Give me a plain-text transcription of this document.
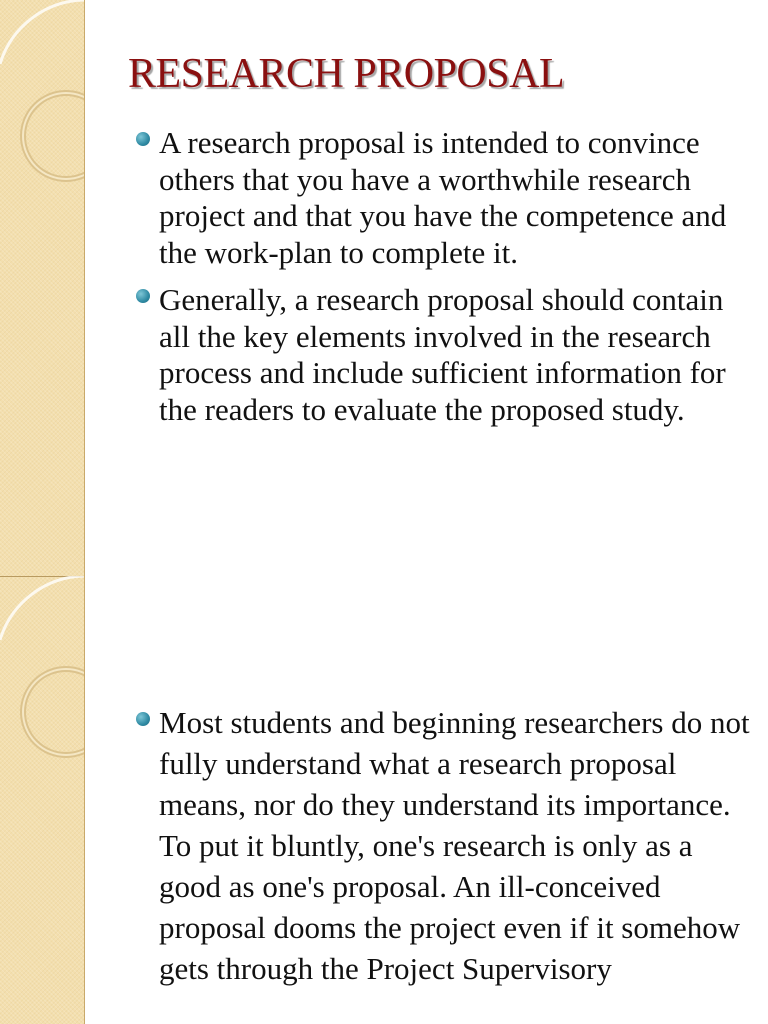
RESEARCH PROPOSAL
A research proposal is intended to convince others that you have a worthwhile research project and that you have the competence and the work-plan to complete it.
Generally, a research proposal should contain all the key elements involved in the research process and include sufficient information for the readers to evaluate the proposed study.
Most students and beginning researchers do not fully understand what a research proposal means, nor do they understand its importance. To put it bluntly, one's research is only as a good as one's proposal. An ill-conceived proposal dooms the project even if it somehow gets through the Project Supervisory
